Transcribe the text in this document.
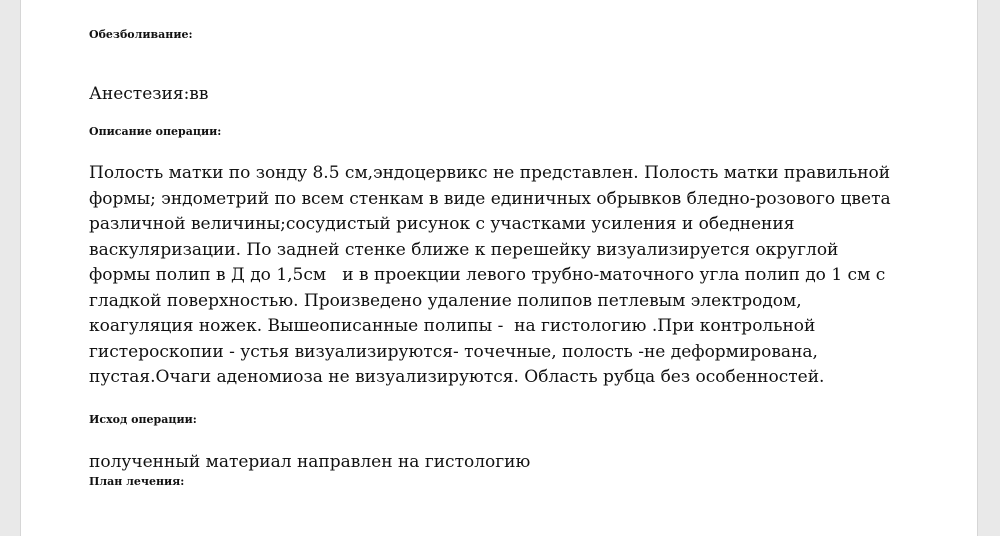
Обезболивание:
Анестезия:вв
Описание операции:
Полость матки по зонду 8.5 см,эндоцервикс не представлен. Полость матки правильной
формы; эндометрий по всем стенкам в виде единичных обрывков бледно-розового цвета
различной величины;сосудистый рисунок с участками усиления и обеднения
васкуляризации. По задней стенке ближе к перешейку визуализируется округлой
формы полип в Д до 1,5см   и в проекции левого трубно-маточного угла полип до 1 см с
гладкой поверхностью. Произведено удаление полипов петлевым электродом,
коагуляция ножек. Вышеописанные полипы -  на гистологию .При контрольной
гистероскопии - устья визуализируются- точечные, полость -не деформирована,
пустая.Очаги аденомиоза не визуализируются. Область рубца без особенностей.
Исход операции:
полученный материал направлен на гистологию
План лечения:
